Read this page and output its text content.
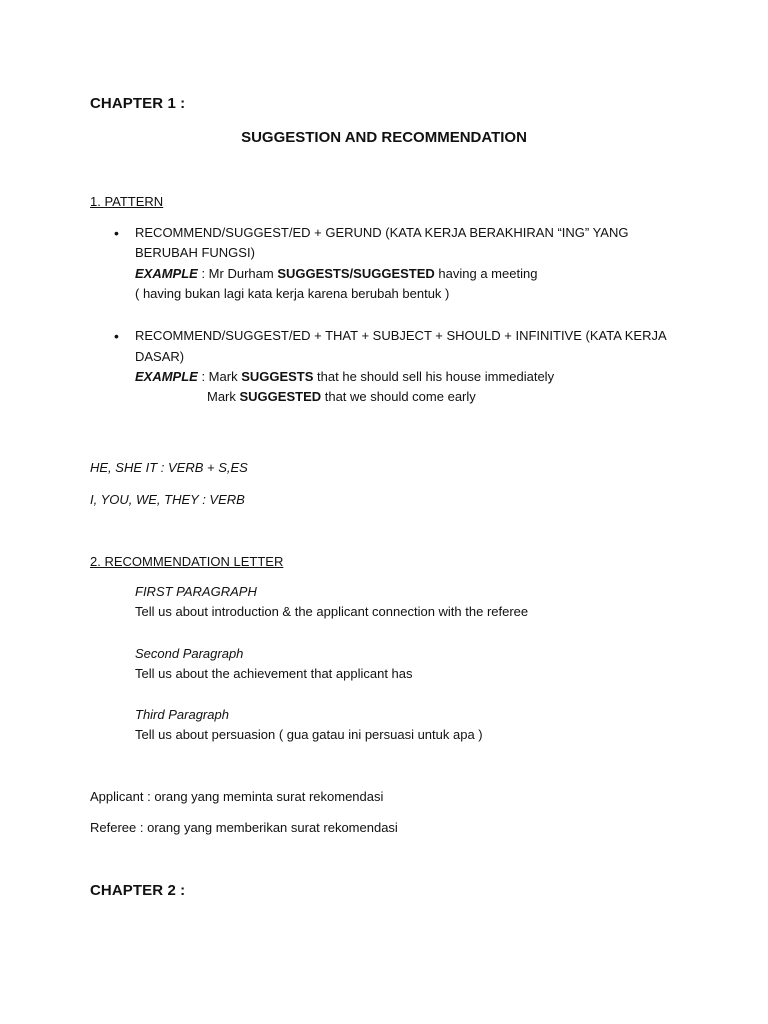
CHAPTER 1 :
SUGGESTION AND RECOMMENDATION
1. PATTERN
• RECOMMEND/SUGGEST/ED + GERUND (KATA KERJA BERAKHIRAN “ING” YANG
BERUBAH FUNGSI)
EXAMPLE : Mr Durham SUGGESTS/SUGGESTED having a meeting
( having bukan lagi kata kerja karena berubah bentuk )
• RECOMMEND/SUGGEST/ED + THAT + SUBJECT + SHOULD + INFINITIVE (KATA KERJA
DASAR)
EXAMPLE : Mark SUGGESTS that he should sell his house immediately
Mark SUGGESTED that we should come early
HE, SHE IT : VERB + S,ES
I, YOU, WE, THEY : VERB
2. RECOMMENDATION LETTER
FIRST PARAGRAPH
Tell us about introduction & the applicant connection with the referee
Second Paragraph
Tell us about the achievement that applicant has
Third Paragraph
Tell us about persuasion ( gua gatau ini persuasi untuk apa )
Applicant : orang yang meminta surat rekomendasi
Referee : orang yang memberikan surat rekomendasi
CHAPTER 2 :
